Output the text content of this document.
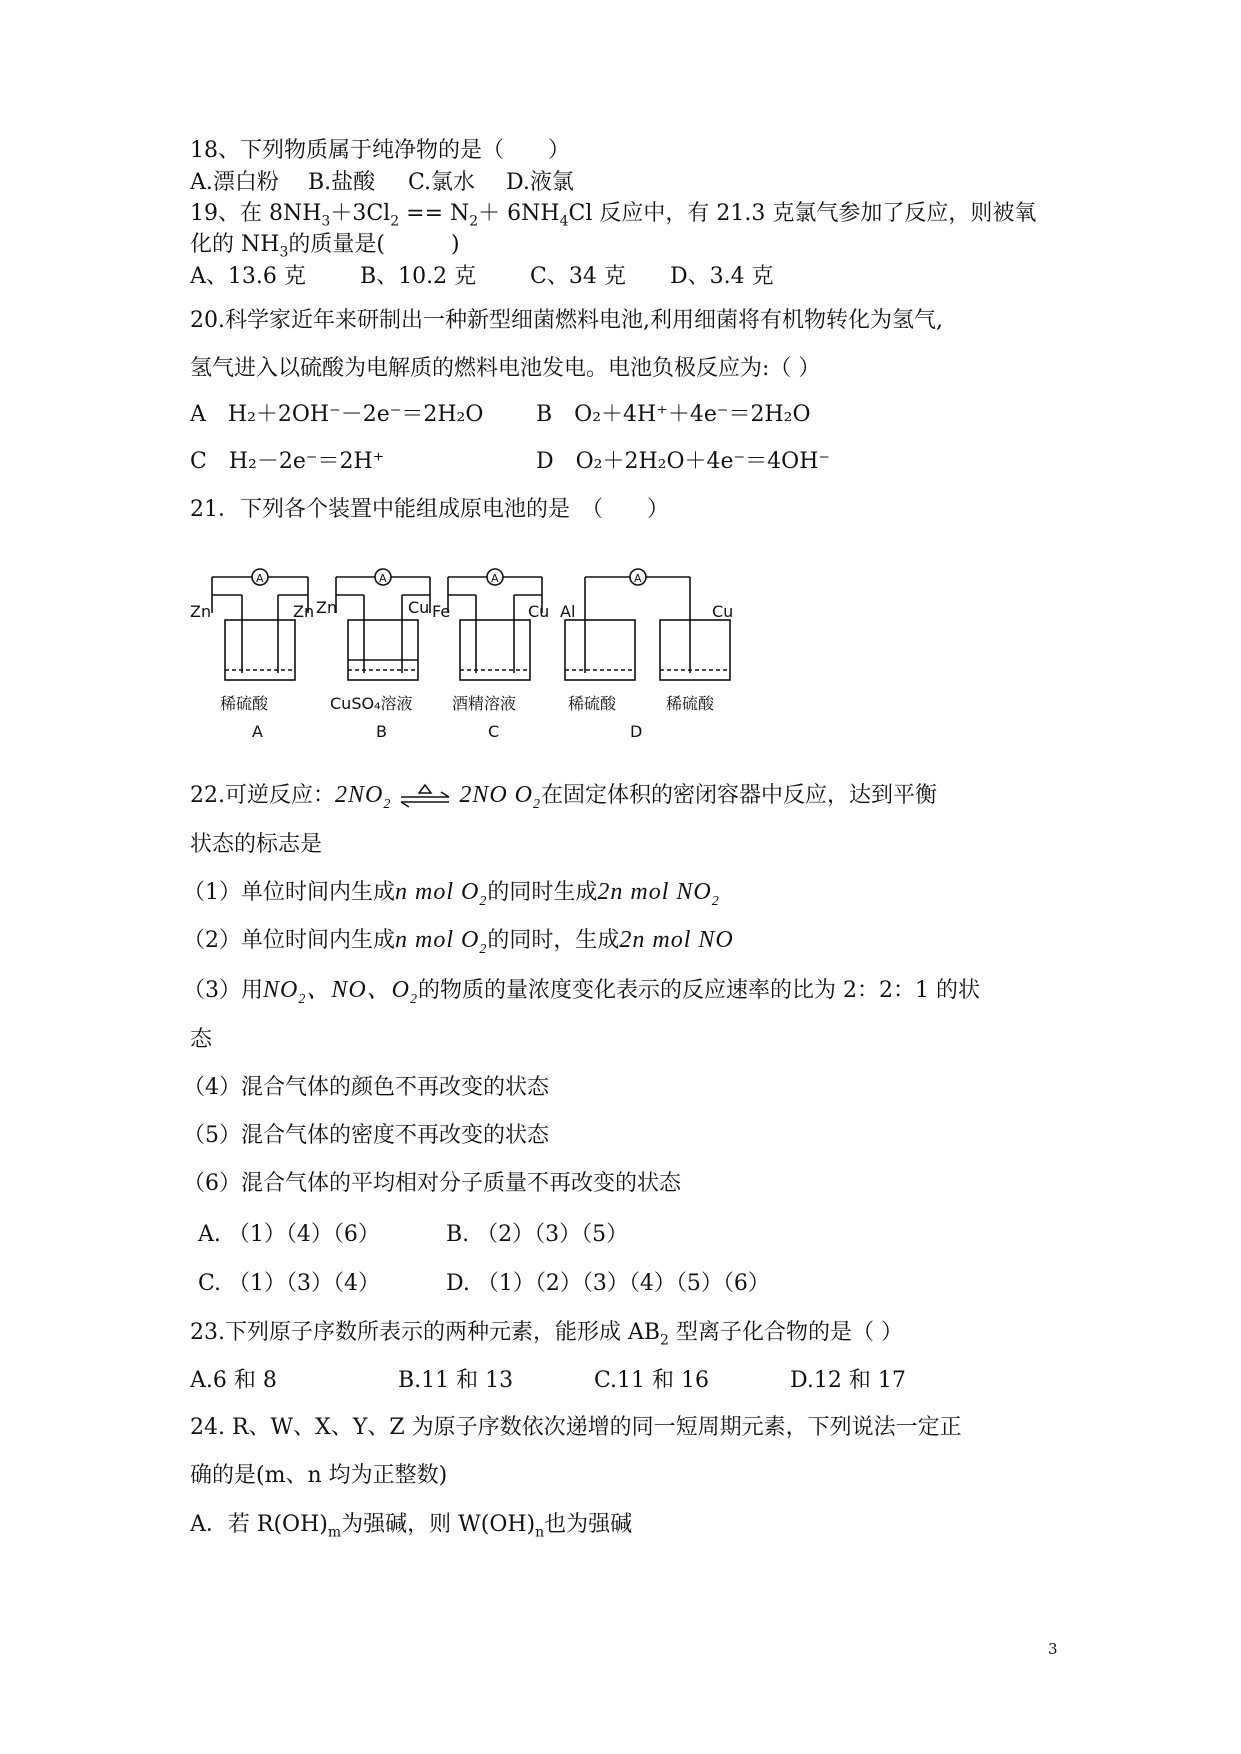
18、下列物质属于纯净物的是（　　）
A.漂白粉 B.盐酸 C.氯水 D.液氯
19、在 $8NH_3+3Cl_2 == N_2+ 6NH_4Cl$ 反应中，有 21.3 克氯气参加了反应，则被氧
化的 $NH_3$的质量是(　　　)
A、13.6 克 B、10.2 克 C、34 克 D、3.4 克
20.科学家近年来研制出一种新型细菌燃料电池,利用细菌将有机物转化为氢气,
氢气进入以硫酸为电解质的燃料电池发电。电池负极反应为:（ ）
A　H₂＋2OH⁻－2e⁻＝2H₂O B　O₂＋4H⁺＋4e⁻＝2H₂O
C　H₂－2e⁻＝2H⁺	D　O₂＋2H₂O＋4e⁻＝4OH⁻
21．下列各个装置中能组成原电池的是　（　　）
Zn	Zn
A
稀硫酸
A
Zn	Cu
A
CuSO₄溶液
B
Fe	Cu
A
酒精溶液
C
Al	Cu
A
稀硫酸	稀硫酸
D
22.可逆反应：$2NO_2$ ⇌ 2NO $O_2$在固定体积的密闭容器中反应，达到平衡
状态的标志是
（1）单位时间内生成n mol $O_2$的同时生成2n mol $NO_2$
（2）单位时间内生成n mol $O_2$的同时，生成2n mol NO
（3）用$NO_2$、NO、$O_2$的物质的量浓度变化表示的反应速率的比为 2：2：1 的状
态
（4）混合气体的颜色不再改变的状态
（5）混合气体的密度不再改变的状态
（6）混合气体的平均相对分子质量不再改变的状态
A. （1）（4）（6）	B. （2）（3）（5）
C. （1）（3）（4）	D. （1）（2）（3）（4）（5）（6）
23.下列原子序数所表示的两种元素，能形成 $AB_2$ 型离子化合物的是（ ）
A.6 和 8	B.11 和 13	C.11 和 16	D.12 和 17
24. R、W、X、Y、Z 为原子序数依次递增的同一短周期元素，下列说法一定正
确的是(m、n 均为正整数)
A．若 $R(OH)_m$为强碱，则 $W(OH)_n$也为强碱
3
